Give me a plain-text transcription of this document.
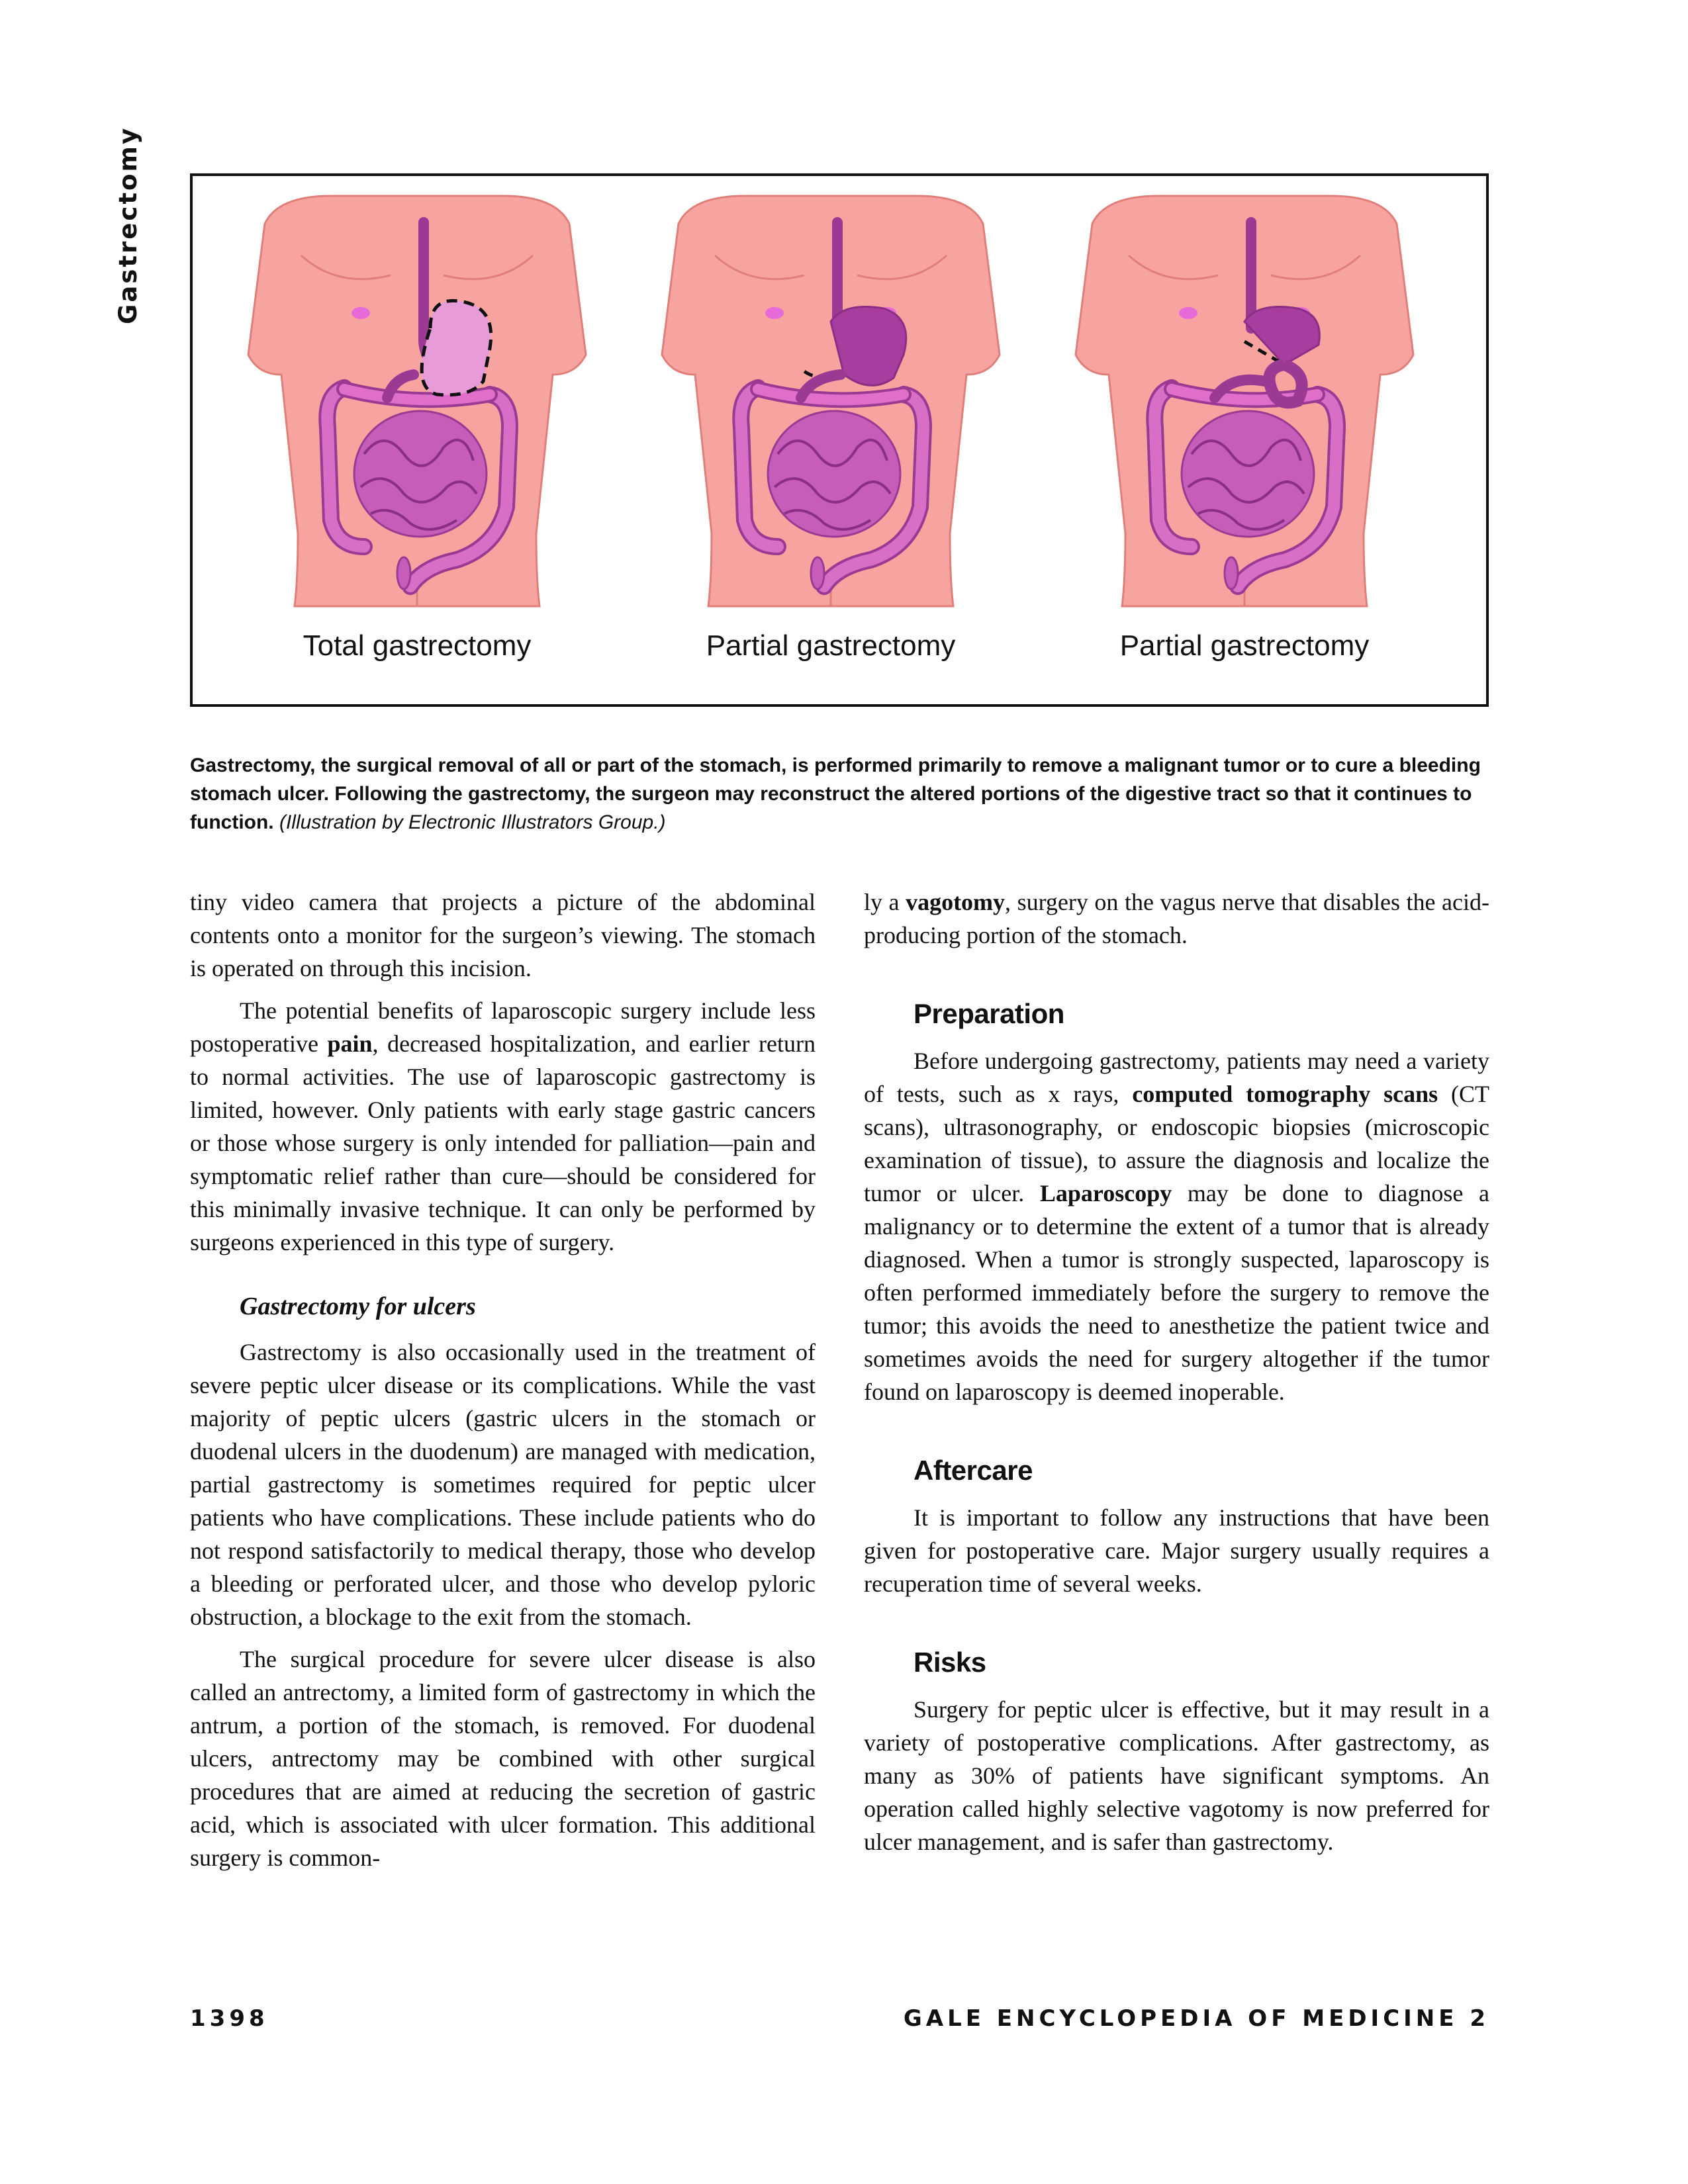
Gastrectomy
Total gastrectomy	Partial gastrectomy	Partial gastrectomy
Gastrectomy, the surgical removal of all or part of the stomach, is performed primarily to remove a malignant tumor or to cure a bleeding stomach ulcer. Following the gastrectomy, the surgeon may reconstruct the altered portions of the digestive tract so that it continues to function. (Illustration by Electronic Illustrators Group.)

tiny video camera that projects a picture of the abdominal contents onto a monitor for the surgeon’s viewing. The stomach is operated on through this incision.

The potential benefits of laparoscopic surgery include less postoperative pain, decreased hospitalization, and earlier return to normal activities. The use of laparoscopic gastrectomy is limited, however. Only patients with early stage gastric cancers or those whose surgery is only intended for palliation—pain and symptomatic relief rather than cure—should be considered for this minimally invasive technique. It can only be performed by surgeons experienced in this type of surgery.

Gastrectomy for ulcers

Gastrectomy is also occasionally used in the treatment of severe peptic ulcer disease or its complications. While the vast majority of peptic ulcers (gastric ulcers in the stomach or duodenal ulcers in the duodenum) are managed with medication, partial gastrectomy is sometimes required for peptic ulcer patients who have complications. These include patients who do not respond satisfactorily to medical therapy, those who develop a bleeding or perforated ulcer, and those who develop pyloric obstruction, a blockage to the exit from the stomach.

The surgical procedure for severe ulcer disease is also called an antrectomy, a limited form of gastrectomy in which the antrum, a portion of the stomach, is removed. For duodenal ulcers, antrectomy may be combined with other surgical procedures that are aimed at reducing the secretion of gastric acid, which is associated with ulcer formation. This additional surgery is common-

ly a vagotomy, surgery on the vagus nerve that disables the acid-producing portion of the stomach.

Preparation

Before undergoing gastrectomy, patients may need a variety of tests, such as x rays, computed tomography scans (CT scans), ultrasonography, or endoscopic biopsies (microscopic examination of tissue), to assure the diagnosis and localize the tumor or ulcer. Laparoscopy may be done to diagnose a malignancy or to determine the extent of a tumor that is already diagnosed. When a tumor is strongly suspected, laparoscopy is often performed immediately before the surgery to remove the tumor; this avoids the need to anesthetize the patient twice and sometimes avoids the need for surgery altogether if the tumor found on laparoscopy is deemed inoperable.

Aftercare

It is important to follow any instructions that have been given for postoperative care. Major surgery usually requires a recuperation time of several weeks.

Risks

Surgery for peptic ulcer is effective, but it may result in a variety of postoperative complications. After gastrectomy, as many as 30% of patients have significant symptoms. An operation called highly selective vagotomy is now preferred for ulcer management, and is safer than gastrectomy.

1398	GALE ENCYCLOPEDIA OF MEDICINE 2
